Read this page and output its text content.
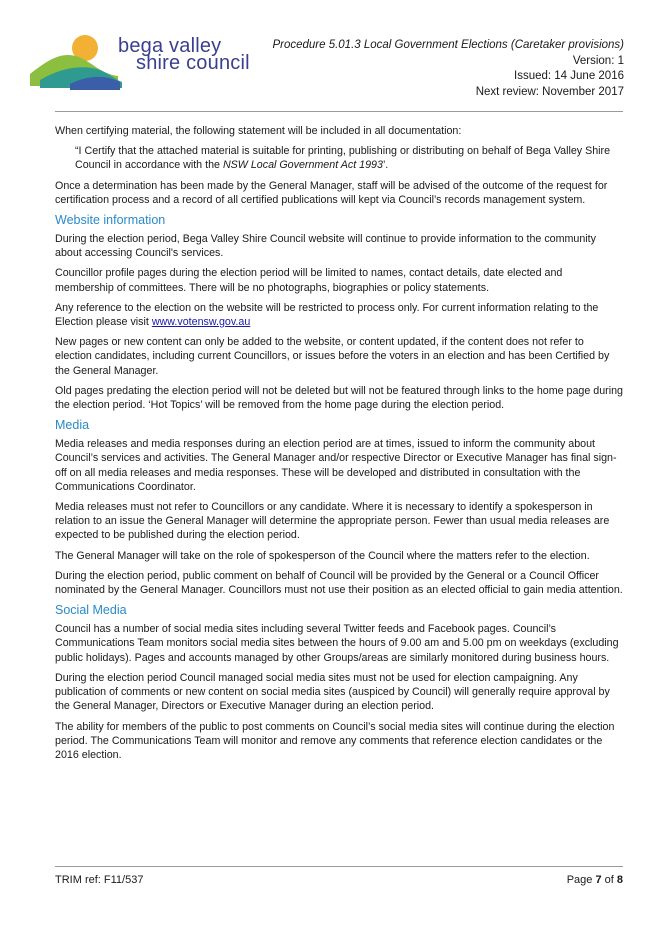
bega valley
shire council
Procedure 5.01.3 Local Government Elections (Caretaker provisions)
Version: 1
Issued: 14 June 2016
Next review: November 2017

When certifying material, the following statement will be included in all documentation:

“I Certify that the attached material is suitable for printing, publishing or distributing on behalf of Bega Valley Shire Council in accordance with the NSW Local Government Act 1993’.

Once a determination has been made by the General Manager, staff will be advised of the outcome of the request for certification process and a record of all certified publications will kept via Council’s records management system.

Website information

During the election period, Bega Valley Shire Council website will continue to provide information to the community about accessing Council's services.

Councillor profile pages during the election period will be limited to names, contact details, date elected and membership of committees. There will be no photographs, biographies or policy statements.

Any reference to the election on the website will be restricted to process only. For current information relating to the Election please visit www.votensw.gov.au

New pages or new content can only be added to the website, or content updated, if the content does not refer to election candidates, including current Councillors, or issues before the voters in an election and has been Certified by the General Manager.

Old pages predating the election period will not be deleted but will not be featured through links to the home page during the election period. ‘Hot Topics’ will be removed from the home page during the election period.

Media

Media releases and media responses during an election period are at times, issued to inform the community about Council’s services and activities. The General Manager and/or respective Director or Executive Manager has final sign-off on all media releases and media responses. These will be developed and distributed in consultation with the Communications Coordinator.

Media releases must not refer to Councillors or any candidate. Where it is necessary to identify a spokesperson in relation to an issue the General Manager will determine the appropriate person. Fewer than usual media releases are expected to be published during the election period.

The General Manager will take on the role of spokesperson of the Council where the matters refer to the election.

During the election period, public comment on behalf of Council will be provided by the General or a Council Officer nominated by the General Manager. Councillors must not use their position as an elected official to gain media attention.

Social Media

Council has a number of social media sites including several Twitter feeds and Facebook pages. Council’s Communications Team monitors social media sites between the hours of 9.00 am and 5.00 pm on weekdays (excluding public holidays). Pages and accounts managed by other Groups/areas are similarly monitored during business hours.

During the election period Council managed social media sites must not be used for election campaigning. Any publication of comments or new content on social media sites (auspiced by Council) will generally require approval by the General Manager, Directors or Executive Manager during an election period.

The ability for members of the public to post comments on Council’s social media sites will continue during the election period. The Communications Team will monitor and remove any comments that reference election candidates or the 2016 election.

TRIM ref: F11/537	Page 7 of 8
